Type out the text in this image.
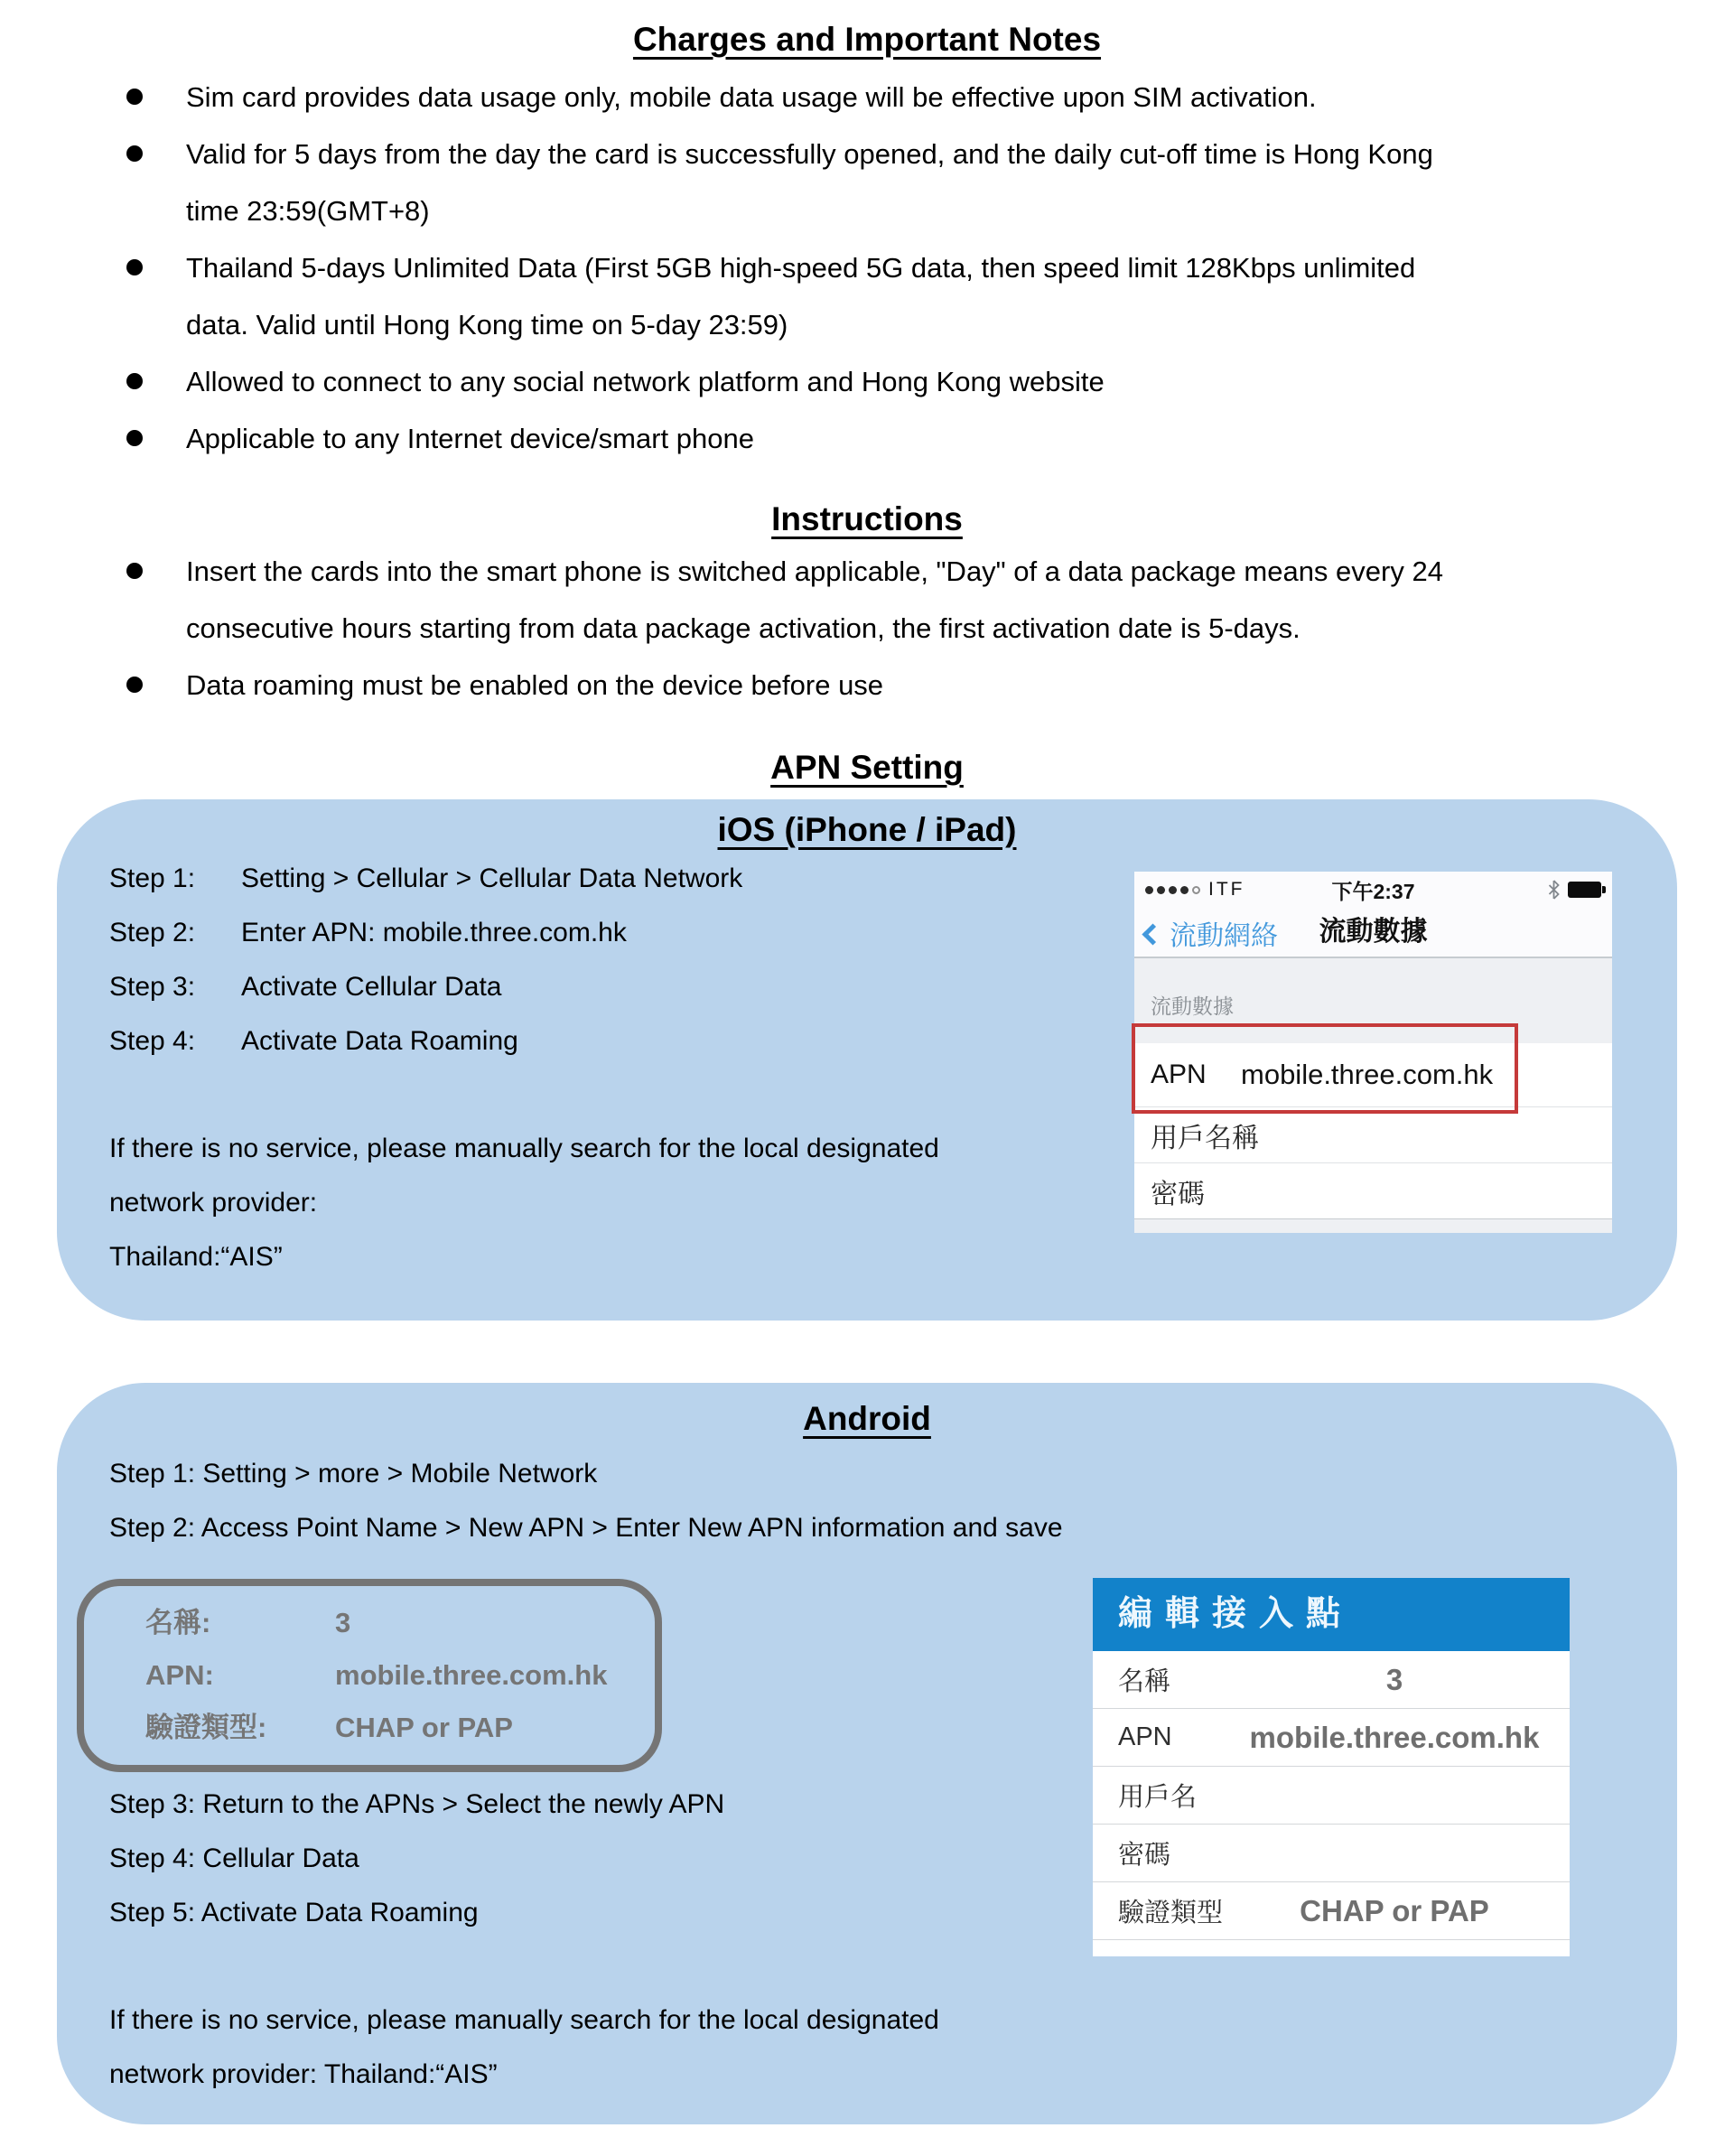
Charges and Important Notes
Sim card provides data usage only, mobile data usage will be effective upon SIM activation.
Valid for 5 days from the day the card is successfully opened, and the daily cut-off time is Hong Kong
time 23:59(GMT+8)
Thailand 5-days Unlimited Data (First 5GB high-speed 5G data, then speed limit 128Kbps unlimited
data. Valid until Hong Kong time on 5-day 23:59)
Allowed to connect to any social network platform and Hong Kong website
Applicable to any Internet device/smart phone
Instructions
Insert the cards into the smart phone is switched applicable, "Day" of a data package means every 24
consecutive hours starting from data package activation, the first activation date is 5-days.
Data roaming must be enabled on the device before use
APN Setting
iOS (iPhone / iPad)
Step 1: Setting > Cellular > Cellular Data Network
Step 2: Enter APN: mobile.three.com.hk
Step 3: Activate Cellular Data
Step 4: Activate Data Roaming
If there is no service, please manually search for the local designated
network provider:
Thailand:“AIS”
ITF	下午2:37
流動網絡	流動數據
流動數據
APN	mobile.three.com.hk
用戶名稱
密碼
Android
Step 1: Setting > more > Mobile Network
Step 2: Access Point Name > New APN > Enter New APN information and save
名稱:	3
APN:	mobile.three.com.hk
驗證類型:	CHAP or PAP
Step 3: Return to the APNs > Select the newly APN
Step 4: Cellular Data
Step 5: Activate Data Roaming
If there is no service, please manually search for the local designated
network provider: Thailand:“AIS”
編輯接入點
名稱	3
APN	mobile.three.com.hk
用戶名
密碼
驗證類型	CHAP or PAP
